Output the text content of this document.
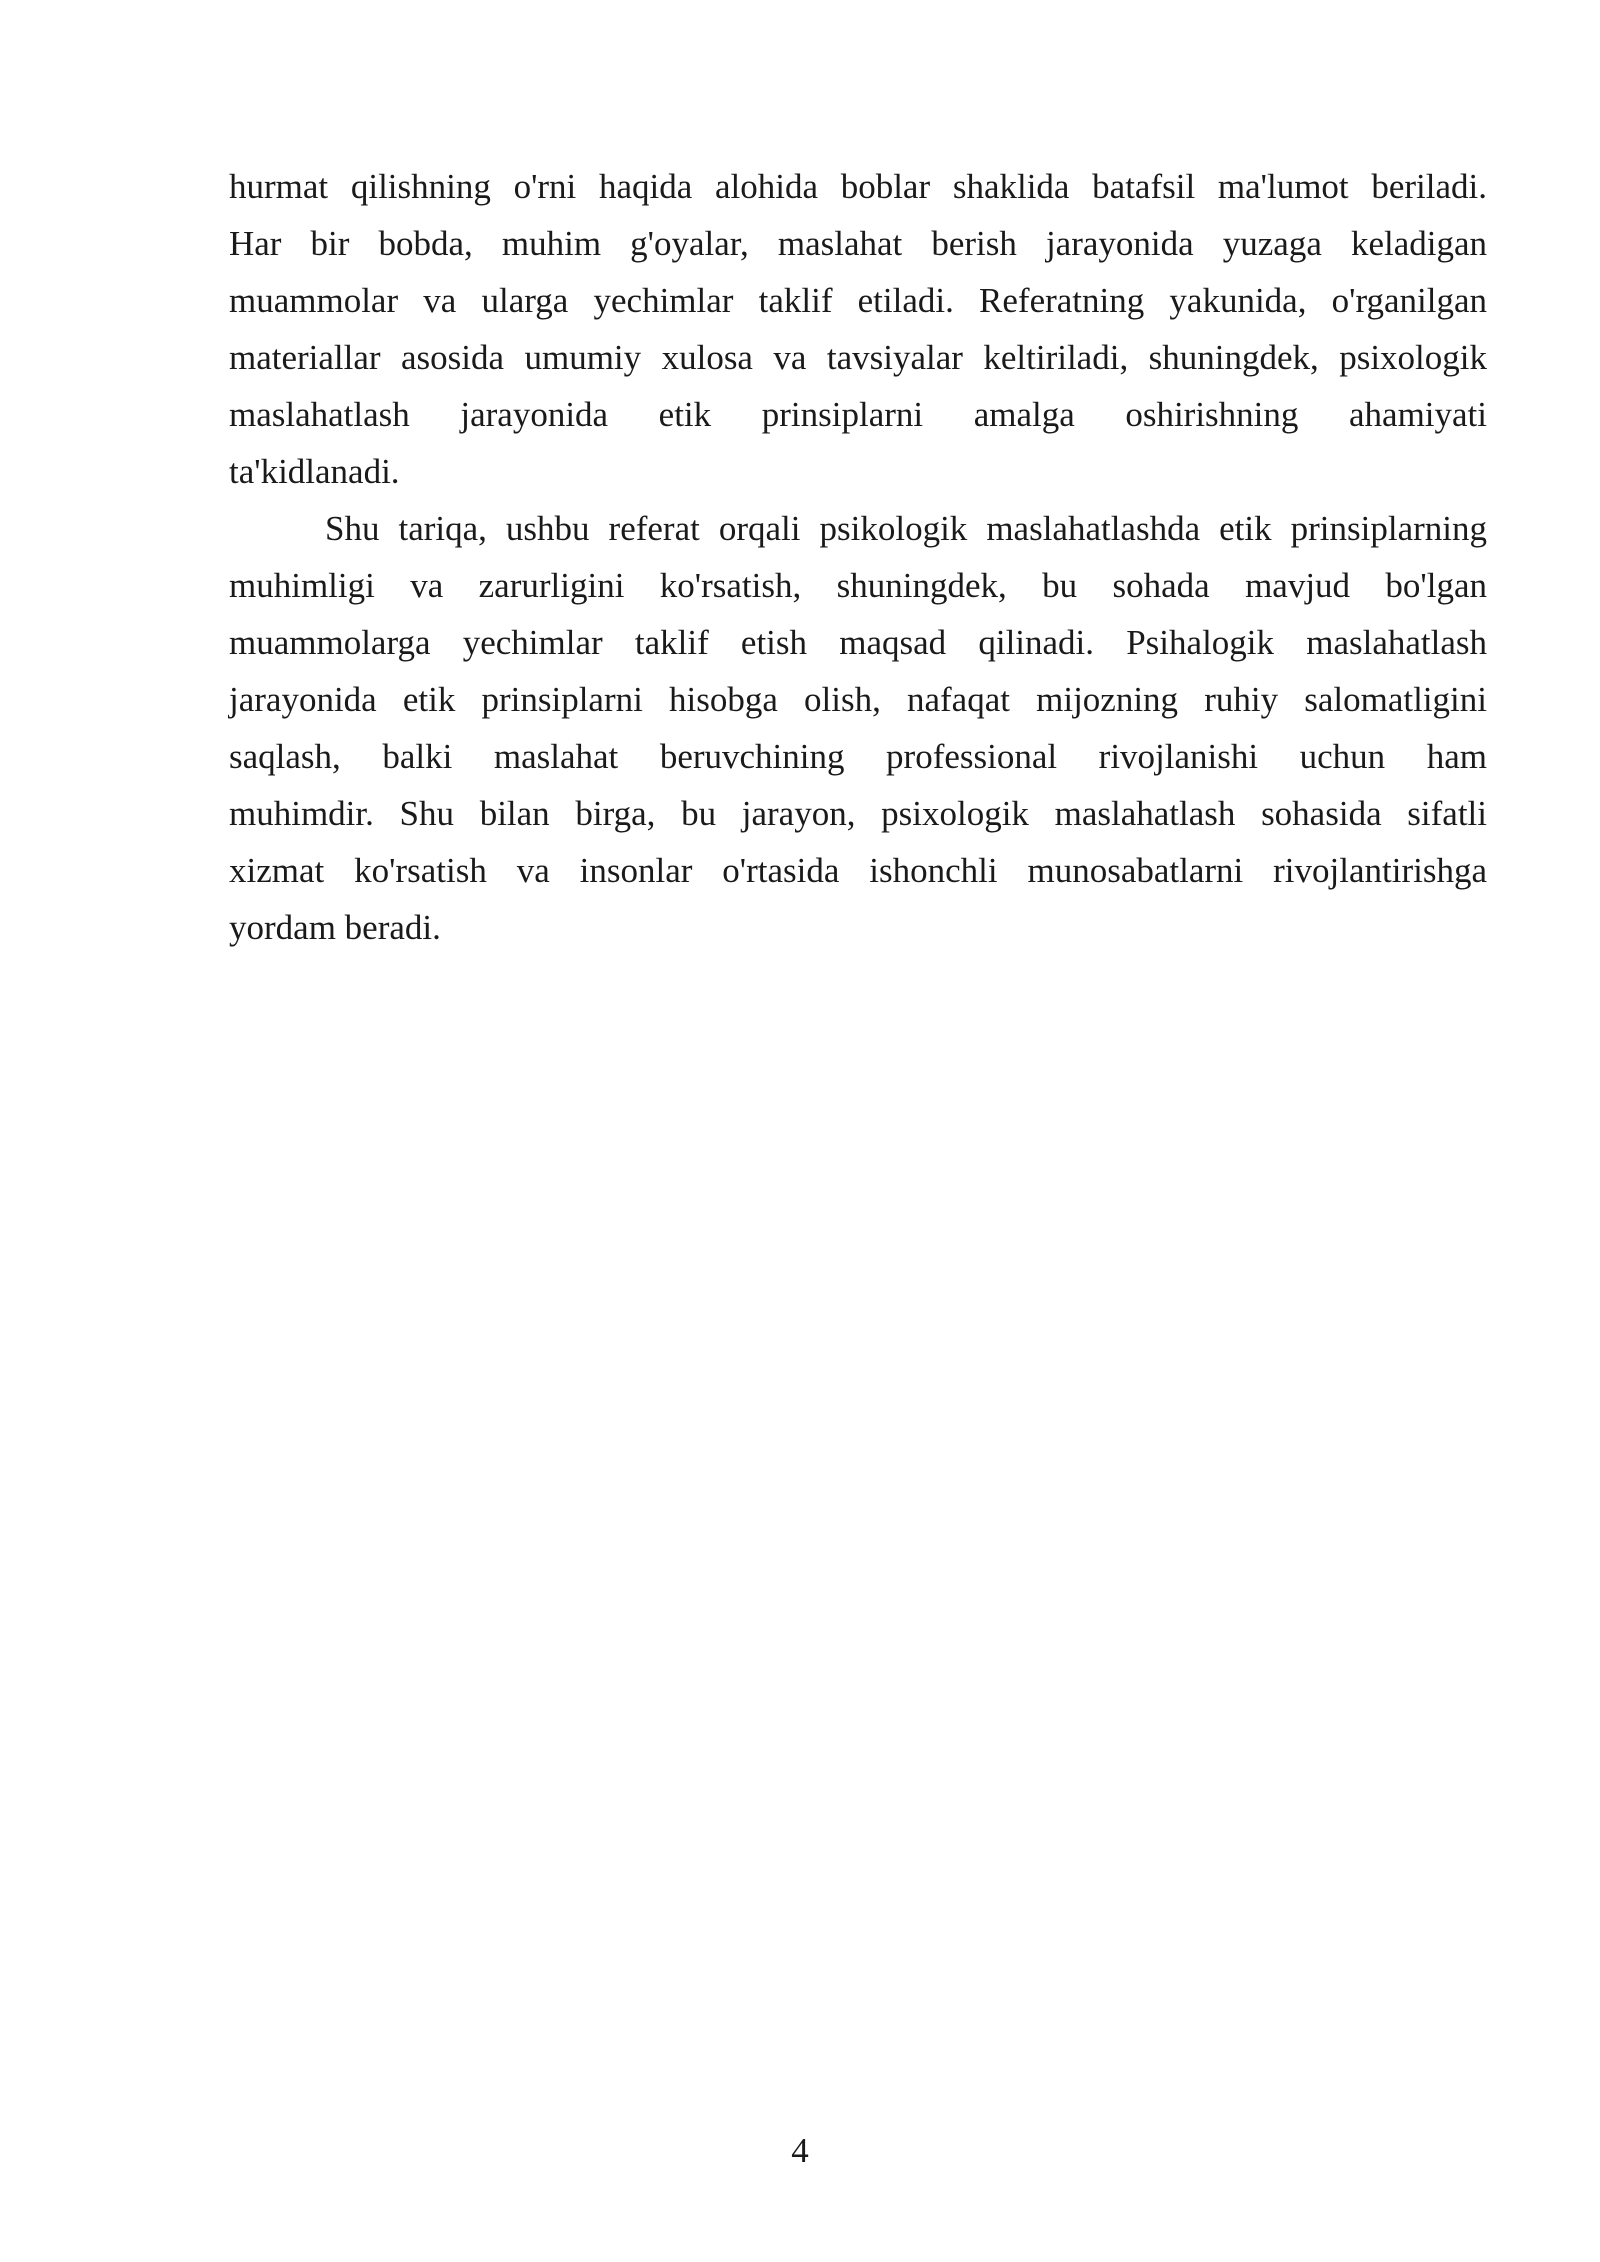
hurmat qilishning o'rni haqida alohida boblar shaklida batafsil ma'lumot beriladi.
Har bir bobda, muhim g'oyalar, maslahat berish jarayonida yuzaga keladigan
muammolar va ularga yechimlar taklif etiladi. Referatning yakunida, o'rganilgan
materiallar asosida umumiy xulosa va tavsiyalar keltiriladi, shuningdek, psixologik
maslahatlash jarayonida etik prinsiplarni amalga oshirishning ahamiyati
ta'kidlanadi.
Shu tariqa, ushbu referat orqali psikologik maslahatlashda etik prinsiplarning
muhimligi va zarurligini ko'rsatish, shuningdek, bu sohada mavjud bo'lgan
muammolarga yechimlar taklif etish maqsad qilinadi. Psihalogik maslahatlash
jarayonida etik prinsiplarni hisobga olish, nafaqat mijozning ruhiy salomatligini
saqlash, balki maslahat beruvchining professional rivojlanishi uchun ham
muhimdir. Shu bilan birga, bu jarayon, psixologik maslahatlash sohasida sifatli
xizmat ko'rsatish va insonlar o'rtasida ishonchli munosabatlarni rivojlantirishga
yordam beradi.
4
